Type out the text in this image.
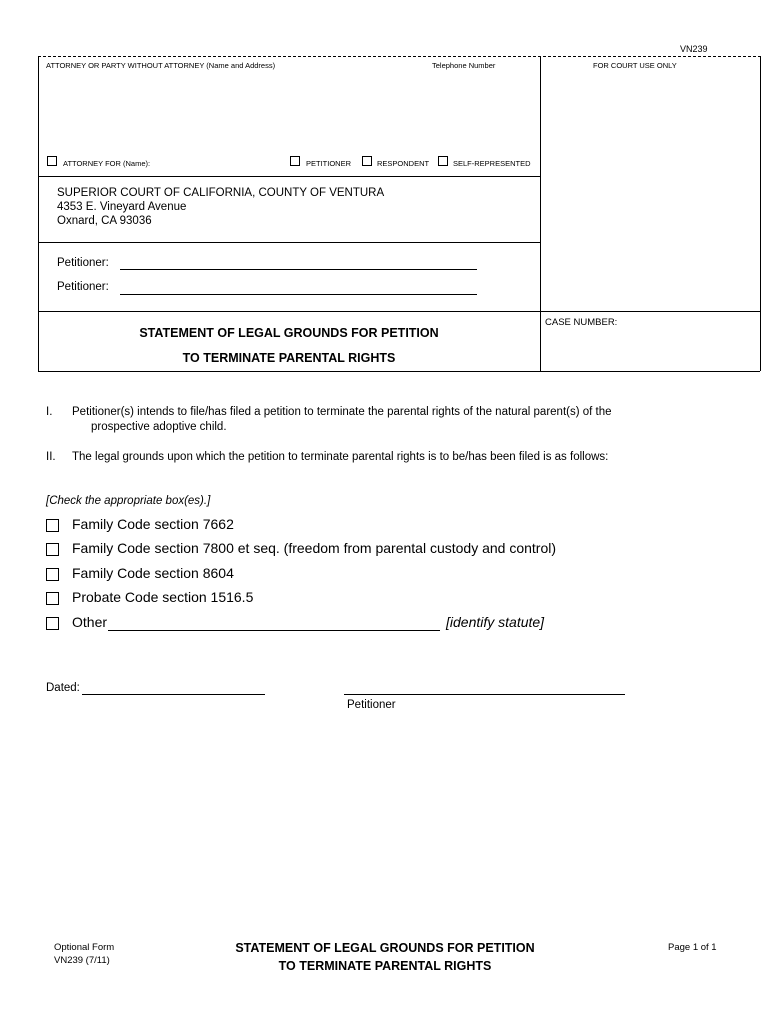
VN239
ATTORNEY OR PARTY WITHOUT ATTORNEY (Name and Address)	Telephone Number	FOR COURT USE ONLY
ATTORNEY FOR (Name):	PETITIONER	RESPONDENT	SELF-REPRESENTED
SUPERIOR COURT OF CALIFORNIA, COUNTY OF VENTURA
4353 E. Vineyard Avenue
Oxnard, CA 93036
Petitioner:
Petitioner:
STATEMENT OF LEGAL GROUNDS FOR PETITION
TO TERMINATE PARENTAL RIGHTS
CASE NUMBER:
I. Petitioner(s) intends to file/has filed a petition to terminate the parental rights of the natural parent(s) of the
prospective adoptive child.
II. The legal grounds upon which the petition to terminate parental rights is to be/has been filed is as follows:
[Check the appropriate box(es).]
Family Code section 7662
Family Code section 7800 et seq. (freedom from parental custody and control)
Family Code section 8604
Probate Code section 1516.5
Other	[identify statute]
Dated:
Petitioner
Optional Form
VN239 (7/11)
STATEMENT OF LEGAL GROUNDS FOR PETITION
TO TERMINATE PARENTAL RIGHTS
Page 1 of 1
